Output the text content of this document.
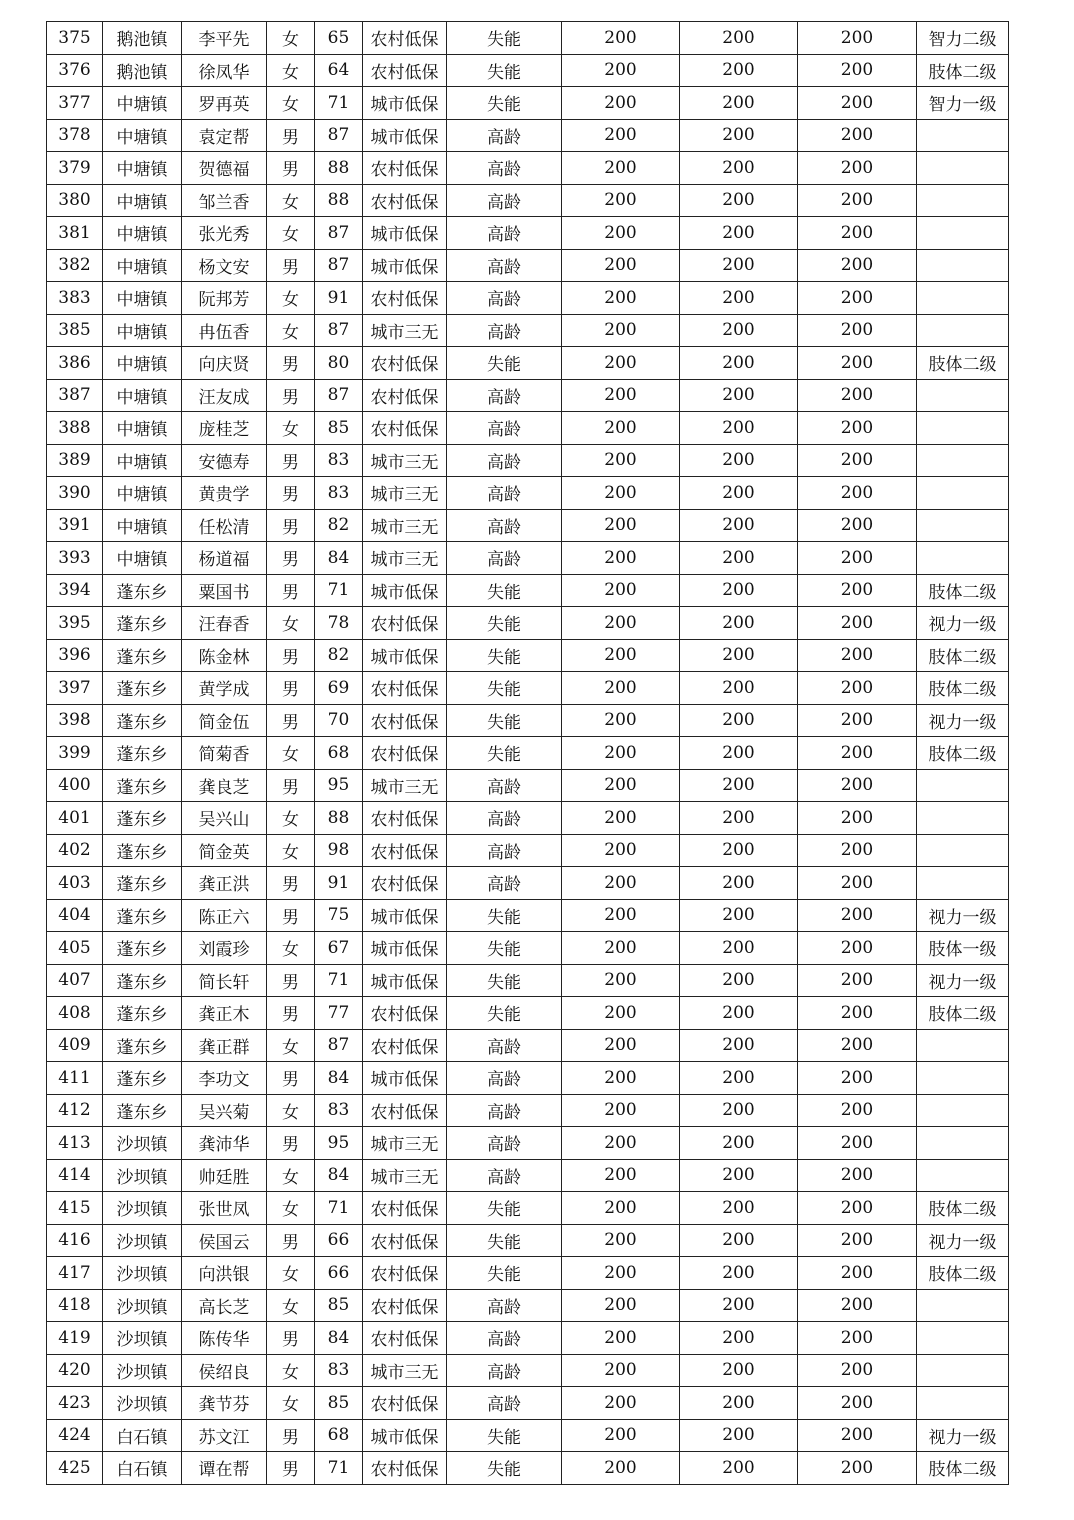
375	鹅池镇	李平先	女	65	农村低保	失能	200	200	200	智力二级
376	鹅池镇	徐凤华	女	64	农村低保	失能	200	200	200	肢体二级
377	中塘镇	罗再英	女	71	城市低保	失能	200	200	200	智力一级
378	中塘镇	袁定帮	男	87	城市低保	高龄	200	200	200	
379	中塘镇	贺德福	男	88	农村低保	高龄	200	200	200	
380	中塘镇	邹兰香	女	88	农村低保	高龄	200	200	200	
381	中塘镇	张光秀	女	87	城市低保	高龄	200	200	200	
382	中塘镇	杨文安	男	87	城市低保	高龄	200	200	200	
383	中塘镇	阮邦芳	女	91	农村低保	高龄	200	200	200	
385	中塘镇	冉伍香	女	87	城市三无	高龄	200	200	200	
386	中塘镇	向庆贤	男	80	农村低保	失能	200	200	200	肢体二级
387	中塘镇	汪友成	男	87	农村低保	高龄	200	200	200	
388	中塘镇	庞桂芝	女	85	农村低保	高龄	200	200	200	
389	中塘镇	安德寿	男	83	城市三无	高龄	200	200	200	
390	中塘镇	黄贵学	男	83	城市三无	高龄	200	200	200	
391	中塘镇	任松清	男	82	城市三无	高龄	200	200	200	
393	中塘镇	杨道福	男	84	城市三无	高龄	200	200	200	
394	蓬东乡	粟国书	男	71	城市低保	失能	200	200	200	肢体二级
395	蓬东乡	汪春香	女	78	农村低保	失能	200	200	200	视力一级
396	蓬东乡	陈金林	男	82	城市低保	失能	200	200	200	肢体二级
397	蓬东乡	黄学成	男	69	农村低保	失能	200	200	200	肢体二级
398	蓬东乡	简金伍	男	70	农村低保	失能	200	200	200	视力一级
399	蓬东乡	简菊香	女	68	农村低保	失能	200	200	200	肢体二级
400	蓬东乡	龚良芝	男	95	城市三无	高龄	200	200	200	
401	蓬东乡	吴兴山	女	88	农村低保	高龄	200	200	200	
402	蓬东乡	简金英	女	98	农村低保	高龄	200	200	200	
403	蓬东乡	龚正洪	男	91	农村低保	高龄	200	200	200	
404	蓬东乡	陈正六	男	75	城市低保	失能	200	200	200	视力一级
405	蓬东乡	刘霞珍	女	67	城市低保	失能	200	200	200	肢体一级
407	蓬东乡	简长轩	男	71	城市低保	失能	200	200	200	视力一级
408	蓬东乡	龚正木	男	77	农村低保	失能	200	200	200	肢体二级
409	蓬东乡	龚正群	女	87	农村低保	高龄	200	200	200	
411	蓬东乡	李功文	男	84	城市低保	高龄	200	200	200	
412	蓬东乡	吴兴菊	女	83	农村低保	高龄	200	200	200	
413	沙坝镇	龚沛华	男	95	城市三无	高龄	200	200	200	
414	沙坝镇	帅廷胜	女	84	城市三无	高龄	200	200	200	
415	沙坝镇	张世凤	女	71	农村低保	失能	200	200	200	肢体二级
416	沙坝镇	侯国云	男	66	农村低保	失能	200	200	200	视力一级
417	沙坝镇	向洪银	女	66	农村低保	失能	200	200	200	肢体二级
418	沙坝镇	高长芝	女	85	农村低保	高龄	200	200	200	
419	沙坝镇	陈传华	男	84	农村低保	高龄	200	200	200	
420	沙坝镇	侯绍良	女	83	城市三无	高龄	200	200	200	
423	沙坝镇	龚节芬	女	85	农村低保	高龄	200	200	200	
424	白石镇	苏文江	男	68	城市低保	失能	200	200	200	视力一级
425	白石镇	谭在帮	男	71	农村低保	失能	200	200	200	肢体二级
